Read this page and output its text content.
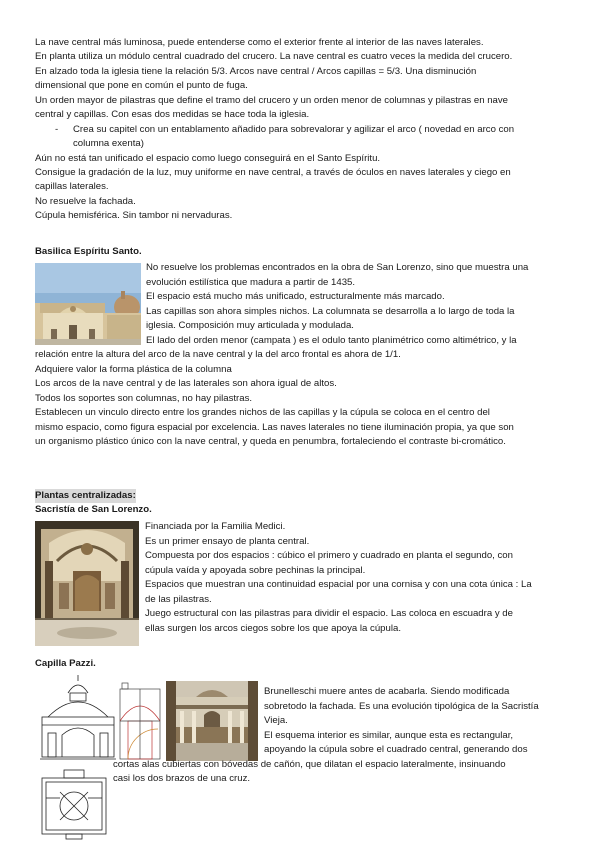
La nave central más luminosa, puede entenderse como el exterior frente al interior de las naves laterales.
En planta utiliza un módulo central cuadrado del crucero. La nave central es cuatro veces la medida del crucero.
En alzado toda la iglesia tiene la relación 5/3. Arcos nave central / Arcos capillas = 5/3. Una disminución
dimensional que pone en común el punto de fuga.
Un orden mayor de pilastras que define el tramo del crucero y un orden menor de columnas y pilastras en nave
central y capillas. Con esas dos medidas se hace toda la iglesia.
- Crea su capitel con un entablamento añadido para sobrevalorar y agilizar el arco ( novedad en arco con
columna exenta)
Aún no está tan unificado el espacio como luego conseguirá en el Santo Espíritu.
Consigue la gradación de la luz, muy uniforme en nave central, a través de óculos en naves laterales y ciego en
capillas laterales.
No resuelve la fachada.
Cúpula hemisférica. Sin tambor ni nervaduras.
Basilica Espíritu Santo.
No resuelve los problemas encontrados en la obra de San Lorenzo, sino que muestra una
evolución estilística que madura a partir de 1435.
El espacio está mucho más unificado, estructuralmente más marcado.
Las capillas son ahora simples nichos. La columnata se desarrolla a lo largo de toda la
iglesia. Composición muy articulada y modulada.
El lado del orden menor (campata ) es el odulo tanto planimétrico como altimétrico, y la
relación entre la altura del arco de la nave central y la del arco frontal es ahora de 1/1.
Adquiere valor la forma plástica de la columna
Los arcos de la nave central y de las laterales son ahora igual de altos.
Todos los soportes son columnas, no hay pilastras.
Establecen un vinculo directo entre los grandes nichos de las capillas y la cúpula se coloca en el centro del
mismo espacio, como figura espacial por excelencia. Las naves laterales no tiene iluminación propia, ya que son
un organismo plástico único con la nave central, y queda en penumbra, fortaleciendo el contraste bi-cromático.
Plantas centralizadas:
Sacristía de San Lorenzo.
Financiada por la Familia Medici.
Es un primer ensayo de planta central.
Compuesta por dos espacios : cúbico el primero y cuadrado en planta el segundo, con
cúpula vaída y apoyada sobre pechinas la principal.
Espacios que muestran una continuidad espacial por una cornisa y con una cota única : La
de las pilastras.
Juego estructural con las pilastras para dividir el espacio. Las coloca en escuadra y de
ellas surgen los arcos ciegos sobre los que apoya la cúpula.
Capilla Pazzi.
Brunelleschi muere antes de acabarla. Siendo modificada
sobretodo la fachada. Es una evolución tipológica de la Sacristía
Vieja.
El esquema interior es similar, aunque esta es rectangular,
apoyando la cúpula sobre el cuadrado central, generando dos
cortas alas cubiertas con bóvedas de cañón, que dilatan el espacio lateralmente, insinuando
casi los dos brazos de una cruz.
